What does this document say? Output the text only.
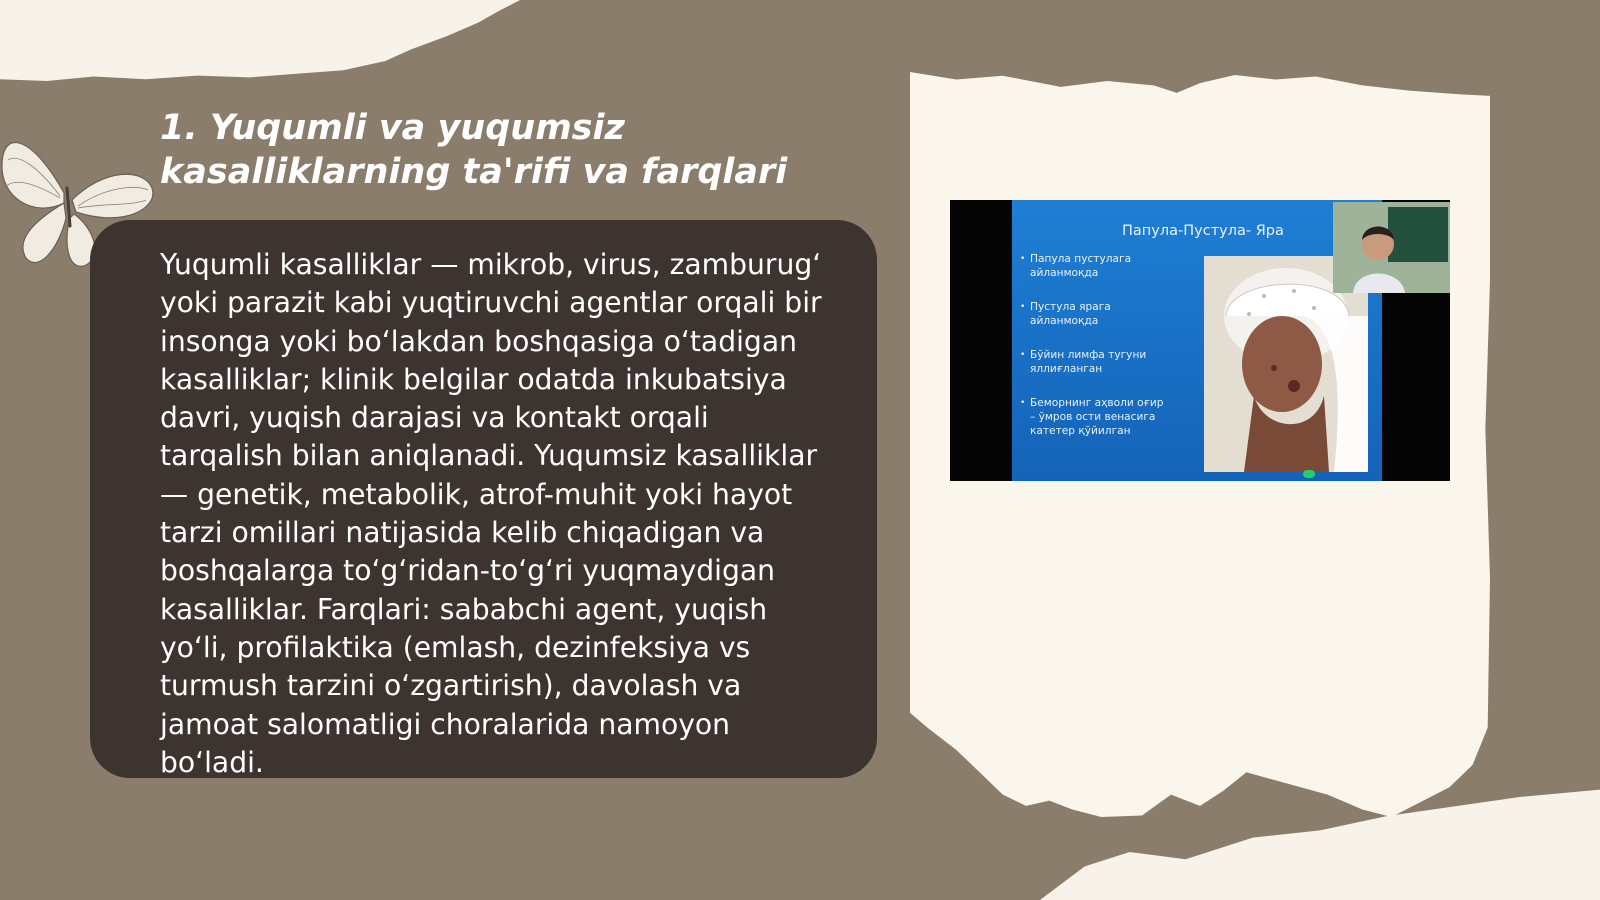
1. Yuqumli va yuqumsiz kasalliklarning ta'rifi va farqlari

Yuqumli kasalliklar — mikrob, virus, zamburugʻ yoki parazit kabi yuqtiruvchi agentlar orqali bir insonga yoki boʻlakdan boshqasiga oʻtadigan kasalliklar; klinik belgilar odatda inkubatsiya davri, yuqish darajasi va kontakt orqali tarqalish bilan aniqlanadi. Yuqumsiz kasalliklar — genetik, metabolik, atrof-muhit yoki hayot tarzi omillari natijasida kelib chiqadigan va boshqalarga toʻgʻridan-toʻgʻri yuqmaydigan kasalliklar. Farqlari: sababchi agent, yuqish yoʻli, profilaktika (emlash, dezinfeksiya vs turmush tarzini oʻzgartirish), davolash va jamoat salomatligi choralarida namoyon boʻladi.

Папула-Пустула- Яра
• Папула пустулага айланмоқда
• Пустула ярага айланмоқда
• Бўйин лимфа тугуни яллиғланган
• Беморнинг аҳволи оғир – ўмров ости венасига катетер қўйилган
